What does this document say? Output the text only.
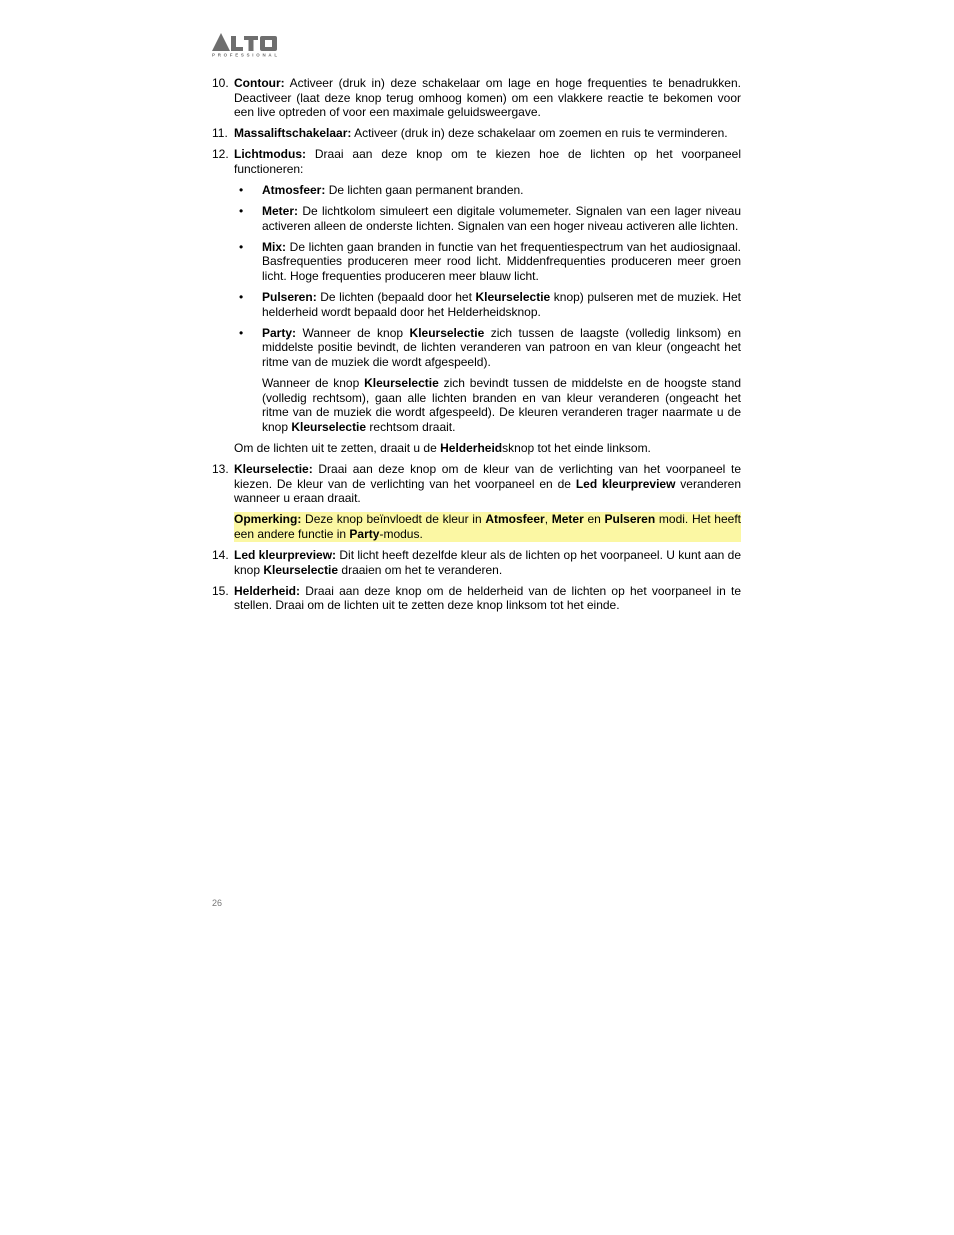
PROFESSIONAL
10. Contour: Activeer (druk in) deze schakelaar om lage en hoge frequenties te benadrukken. Deactiveer (laat deze knop terug omhoog komen) om een vlakkere reactie te bekomen voor een live optreden of voor een maximale geluidsweergave.

11. Massaliftschakelaar: Activeer (druk in) deze schakelaar om zoemen en ruis te verminderen.

12. Lichtmodus: Draai aan deze knop om te kiezen hoe de lichten op het voorpaneel functioneren:

• Atmosfeer: De lichten gaan permanent branden.

• Meter: De lichtkolom simuleert een digitale volumemeter. Signalen van een lager niveau activeren alleen de onderste lichten. Signalen van een hoger niveau activeren alle lichten.

• Mix: De lichten gaan branden in functie van het frequentiespectrum van het audiosignaal. Basfrequenties produceren meer rood licht. Middenfrequenties produceren meer groen licht. Hoge frequenties produceren meer blauw licht.

• Pulseren: De lichten (bepaald door het Kleurselectie knop) pulseren met de muziek. Het helderheid wordt bepaald door het Helderheidsknop.

• Party: Wanneer de knop Kleurselectie zich tussen de laagste (volledig linksom) en middelste positie bevindt, de lichten veranderen van patroon en van kleur (ongeacht het ritme van de muziek die wordt afgespeeld).

Wanneer de knop Kleurselectie zich bevindt tussen de middelste en de hoogste stand (volledig rechtsom), gaan alle lichten branden en van kleur veranderen (ongeacht het ritme van de muziek die wordt afgespeeld). De kleuren veranderen trager naarmate u de knop Kleurselectie rechtsom draait.

Om de lichten uit te zetten, draait u de Helderheidsknop tot het einde linksom.

13. Kleurselectie: Draai aan deze knop om de kleur van de verlichting van het voorpaneel te kiezen. De kleur van de verlichting van het voorpaneel en de Led kleurpreview veranderen wanneer u eraan draait.

Opmerking: Deze knop beïnvloedt de kleur in Atmosfeer, Meter en Pulseren modi. Het heeft een andere functie in Party-modus.

14. Led kleurpreview: Dit licht heeft dezelfde kleur als de lichten op het voorpaneel. U kunt aan de knop Kleurselectie draaien om het te veranderen.

15. Helderheid: Draai aan deze knop om de helderheid van de lichten op het voorpaneel in te stellen. Draai om de lichten uit te zetten deze knop linksom tot het einde.

26
